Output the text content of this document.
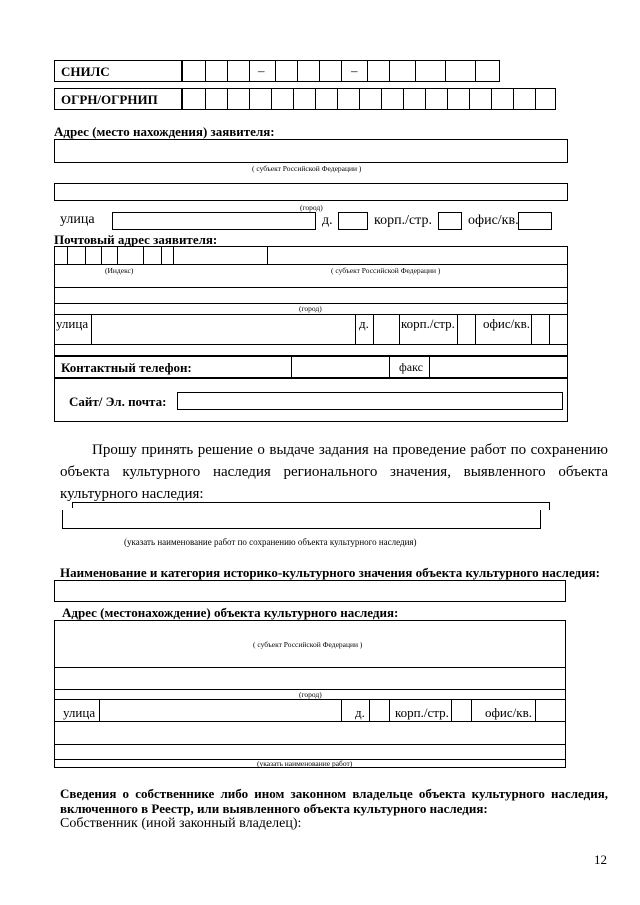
СНИЛС	–	–
ОГРН/ОГРНИП
Адрес (место нахождения) заявителя:
( субъект Российской Федерации )
(город)
улица	д.	корп./стр.	офис/кв.
Почтовый адрес заявителя:
(Индекс)	( субъект Российской Федерации )
(город)
улица	д. корп./стр. офис/кв.
Контактный телефон:	факс
Сайт/ Эл. почта:
Прошу принять решение о выдаче задания на проведение работ по сохранению объекта культурного наследия регионального значения, выявленного объекта культурного наследия:
(указать наименование работ по сохранению объекта культурного наследия)
Наименование и категория историко-культурного значения объекта культурного наследия:
Адрес (местонахождение) объекта культурного наследия:
( субъект Российской Федерации )
(город)
улица	д. корп./стр.	офис/кв.
(указать наименование работ)
Сведения о собственнике либо ином законном владельце объекта культурного наследия, включенного в Реестр, или выявленного объекта культурного наследия:
Собственник (иной законный владелец):
12
